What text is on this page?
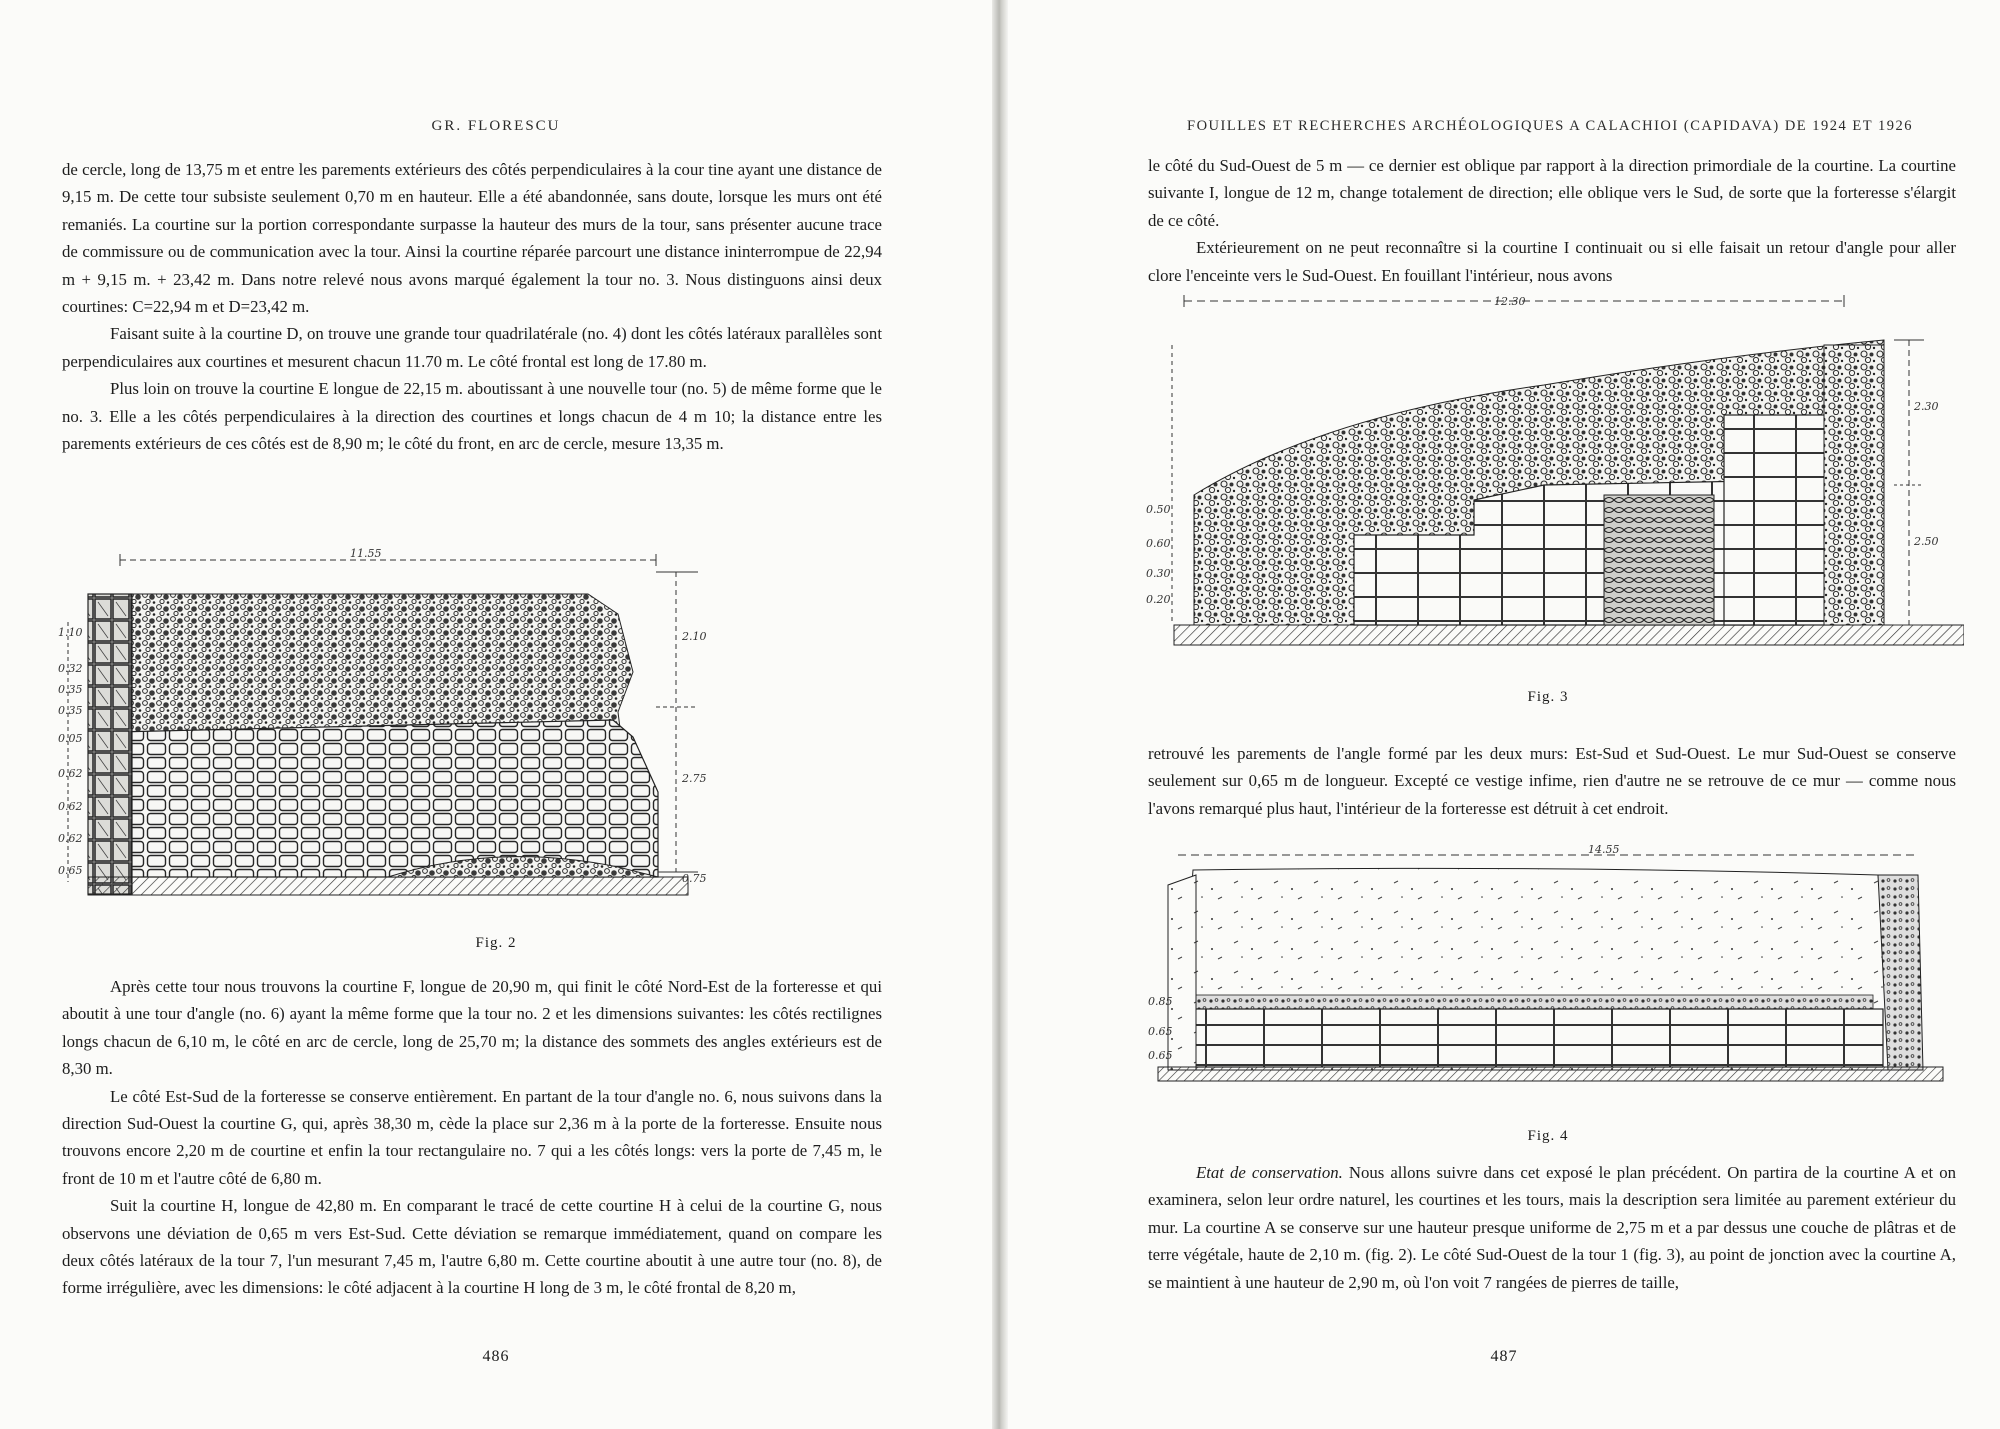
GR. FLORESCU

de cercle, long de 13,75 m et entre les parements extérieurs des côtés perpendiculaires à la cour tine ayant une distance de 9,15 m. De cette tour subsiste seulement 0,70 m en hauteur. Elle a été abandonnée, sans doute, lorsque les murs ont été remaniés. La courtine sur la portion correspondante surpasse la hauteur des murs de la tour, sans présenter aucune trace de commissure ou de communication avec la tour. Ainsi la courtine réparée parcourt une distance ininterrompue de 22,94 m + 9,15 m. + 23,42 m. Dans notre relevé nous avons marqué également la tour no. 3. Nous distinguons ainsi deux courtines: C=22,94 m et D=23,42 m.

Faisant suite à la courtine D, on trouve une grande tour quadrilatérale (no. 4) dont les côtés latéraux parallèles sont perpendiculaires aux courtines et mesurent chacun 11.70 m. Le côté frontal est long de 17.80 m.

Plus loin on trouve la courtine E longue de 22,15 m. aboutissant à une nouvelle tour (no. 5) de même forme que le no. 3. Elle a les côtés perpendiculaires à la direction des courtines et longs chacun de 4 m 10; la distance entre les parements extérieurs de ces côtés est de 8,90 m; le côté du front, en arc de cercle, mesure 13,35 m.

11.55
2.10
2.75
0.75
1.10
0.32
0.35
0.35
0.05
0.62
0.62
0.62
0.65
Fig. 2

Après cette tour nous trouvons la courtine F, longue de 20,90 m, qui finit le côté Nord-Est de la forteresse et qui aboutit à une tour d'angle (no. 6) ayant la même forme que la tour no. 2 et les dimensions suivantes: les côtés rectilignes longs chacun de 6,10 m, le côté en arc de cercle, long de 25,70 m; la distance des sommets des angles extérieurs est de 8,30 m.

Le côté Est-Sud de la forteresse se conserve entièrement. En partant de la tour d'angle no. 6, nous suivons dans la direction Sud-Ouest la courtine G, qui, après 38,30 m, cède la place sur 2,36 m à la porte de la forteresse. Ensuite nous trouvons encore 2,20 m de courtine et enfin la tour rectangulaire no. 7 qui a les côtés longs: vers la porte de 7,45 m, le front de 10 m et l'autre côté de 6,80 m.

Suit la courtine H, longue de 42,80 m. En comparant le tracé de cette courtine H à celui de la courtine G, nous observons une déviation de 0,65 m vers Est-Sud. Cette déviation se remarque immédiatement, quand on compare les deux côtés latéraux de la tour 7, l'un mesurant 7,45 m, l'autre 6,80 m. Cette courtine aboutit à une autre tour (no. 8), de forme irrégulière, avec les dimensions: le côté adjacent à la courtine H long de 3 m, le côté frontal de 8,20 m,

486
FOUILLES ET RECHERCHES ARCHÉOLOGIQUES A CALACHIOI (CAPIDAVA) DE 1924 ET 1926

le côté du Sud-Ouest de 5 m — ce dernier est oblique par rapport à la direction primordiale de la courtine. La courtine suivante I, longue de 12 m, change totalement de direction; elle oblique vers le Sud, de sorte que la forteresse s'élargit de ce côté.

Extérieurement on ne peut reconnaître si la courtine I continuait ou si elle faisait un retour d'angle pour aller clore l'enceinte vers le Sud-Ouest. En fouillant l'intérieur, nous avons

12.30
2.30
2.50
0.50
0.60
0.30
0.20
Fig. 3

retrouvé les parements de l'angle formé par les deux murs: Est-Sud et Sud-Ouest. Le mur Sud-Ouest se conserve seulement sur 0,65 m de longueur. Excepté ce vestige infime, rien d'autre ne se retrouve de ce mur — comme nous l'avons remarqué plus haut, l'intérieur de la forteresse est détruit à cet endroit.

14.55
0.85
0.65
0.65
Fig. 4

Etat de conservation. Nous allons suivre dans cet exposé le plan précédent. On partira de la courtine A et on examinera, selon leur ordre naturel, les courtines et les tours, mais la description sera limitée au parement extérieur du mur. La courtine A se conserve sur une hauteur presque uniforme de 2,75 m et a par dessus une couche de plâtras et de terre végétale, haute de 2,10 m. (fig. 2). Le côté Sud-Ouest de la tour 1 (fig. 3), au point de jonction avec la courtine A, se maintient à une hauteur de 2,90 m, où l'on voit 7 rangées de pierres de taille,

487
